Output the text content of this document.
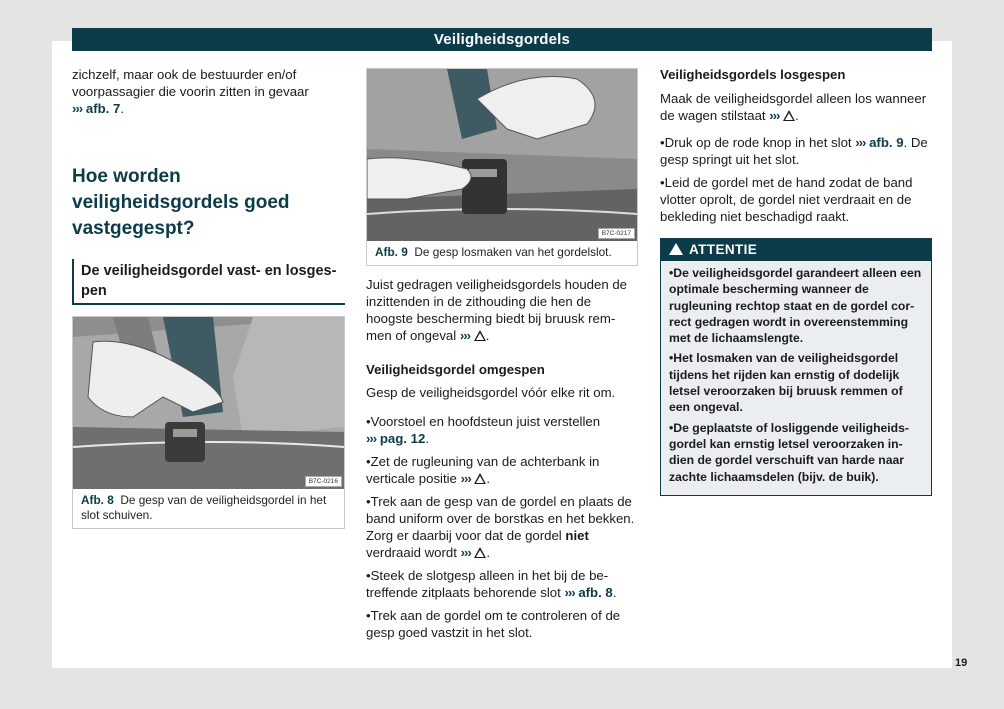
Veiligheidsgordels

zichzelf, maar ook de bestuurder en/of voorpassagier die voorin zitten in gevaar
››› afb. 7.

Hoe worden veiligheidsgordels goed vastgegespt?
De veiligheidsgordel vast- en losges-pen
B7C-0216
Afb. 8 De gesp van de veiligheidsgordel in het slot schuiven.
B7C-0217
Afb. 9 De gesp losmaken van het gordelslot.

Juist gedragen veiligheidsgordels houden de inzittenden in de zithouding die hen de hoogste bescherming biedt bij bruusk rem-men of ongeval ››› .

Veiligheidsgordel omgespen

Gesp de veiligheidsgordel vóór elke rit om.

• Voorstoel en hoofdsteun juist verstellen
››› pag. 12.

• Zet de rugleuning van de achterbank in verticale positie ››› .

• Trek aan de gesp van de gordel en plaats de band uniform over de borstkas en het bekken. Zorg er daarbij voor dat de gordel niet verdraaid wordt ››› .

• Steek de slotgesp alleen in het bij de be-treffende zitplaats behorende slot ››› afb. 8.

• Trek aan de gordel om te controleren of de gesp goed vastzit in het slot.

Veiligheidsgordels losgespen

Maak de veiligheidsgordel alleen los wanneer de wagen stilstaat ››› .

• Druk op de rode knop in het slot ››› afb. 9. De gesp springt uit het slot.

• Leid de gordel met de hand zodat de band vlotter oprolt, de gordel niet verdraait en de bekleding niet beschadigd raakt.

ATTENTIE

• De veiligheidsgordel garandeert alleen een optimale bescherming wanneer de rugleuning rechtop staat en de gordel cor-rect gedragen wordt in overeenstemming met de lichaamslengte.

• Het losmaken van de veiligheidsgordel tijdens het rijden kan ernstig of dodelijk letsel veroorzaken bij bruusk remmen of een ongeval.

• De geplaatste of losliggende veiligheids-gordel kan ernstig letsel veroorzaken in-dien de gordel verschuift van harde naar zachte lichaamsdelen (bijv. de buik).

19
